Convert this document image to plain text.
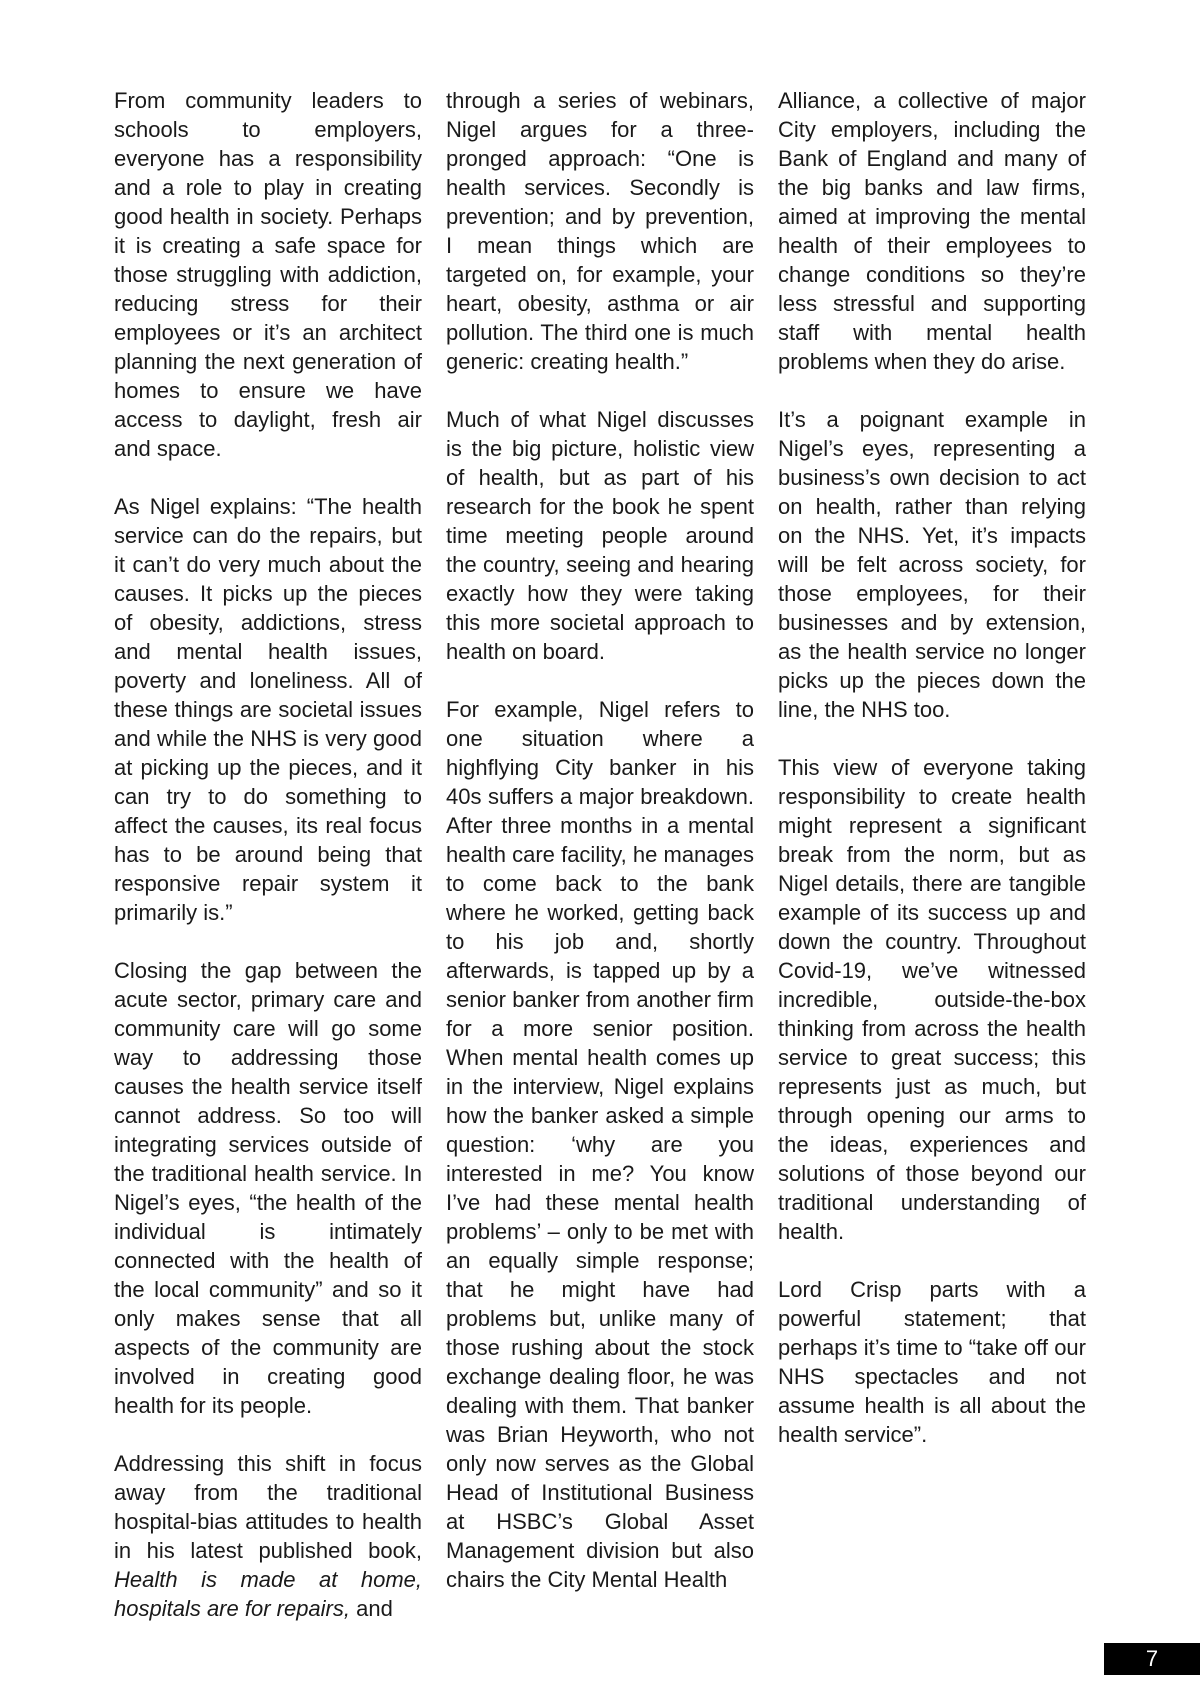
From community leaders to schools to employers, everyone has a responsibility and a role to play in creating good health in society. Perhaps it is creating a safe space for those struggling with addiction, reducing stress for their employees or it’s an architect planning the next generation of homes to ensure we have access to daylight, fresh air and space.

As Nigel explains: “The health service can do the repairs, but it can’t do very much about the causes. It picks up the pieces of obesity, addictions, stress and mental health issues, poverty and loneliness. All of these things are societal issues and while the NHS is very good at picking up the pieces, and it can try to do something to affect the causes, its real focus has to be around being that responsive repair system it primarily is.”

Closing the gap between the acute sector, primary care and community care will go some way to addressing those causes the health service itself cannot address. So too will integrating services outside of the traditional health service. In Nigel’s eyes, “the health of the individual is intimately connected with the health of the local community” and so it only makes sense that all aspects of the community are involved in creating good health for its people.

Addressing this shift in focus away from the traditional hospital-bias attitudes to health in his latest published book, Health is made at home, hospitals are for repairs, and

through a series of webinars, Nigel argues for a three-pronged approach: “One is health services. Secondly is prevention; and by prevention, I mean things which are targeted on, for example, your heart, obesity, asthma or air pollution. The third one is much generic: creating health.”

Much of what Nigel discusses is the big picture, holistic view of health, but as part of his research for the book he spent time meeting people around the country, seeing and hearing exactly how they were taking this more societal approach to health on board.

For example, Nigel refers to one situation where a highflying City banker in his 40s suffers a major breakdown. After three months in a mental health care facility, he manages to come back to the bank where he worked, getting back to his job and, shortly afterwards, is tapped up by a senior banker from another firm for a more senior position. When mental health comes up in the interview, Nigel explains how the banker asked a simple question: ‘why are you interested in me? You know I’ve had these mental health problems’ – only to be met with an equally simple response; that he might have had problems but, unlike many of those rushing about the stock exchange dealing floor, he was dealing with them. That banker was Brian Heyworth, who not only now serves as the Global Head of Institutional Business at HSBC’s Global Asset Management division but also chairs the City Mental Health

Alliance, a collective of major City employers, including the Bank of England and many of the big banks and law firms, aimed at improving the mental health of their employees to change conditions so they’re less stressful and supporting staff with mental health problems when they do arise.

It’s a poignant example in Nigel’s eyes, representing a business’s own decision to act on health, rather than relying on the NHS. Yet, it’s impacts will be felt across society, for those employees, for their businesses and by extension, as the health service no longer picks up the pieces down the line, the NHS too.

This view of everyone taking responsibility to create health might represent a significant break from the norm, but as Nigel details, there are tangible example of its success up and down the country. Throughout Covid-19, we’ve witnessed incredible, outside-the-box thinking from across the health service to great success; this represents just as much, but through opening our arms to the ideas, experiences and solutions of those beyond our traditional understanding of health.

Lord Crisp parts with a powerful statement; that perhaps it’s time to “take off our NHS spectacles and not assume health is all about the health service”.

7
